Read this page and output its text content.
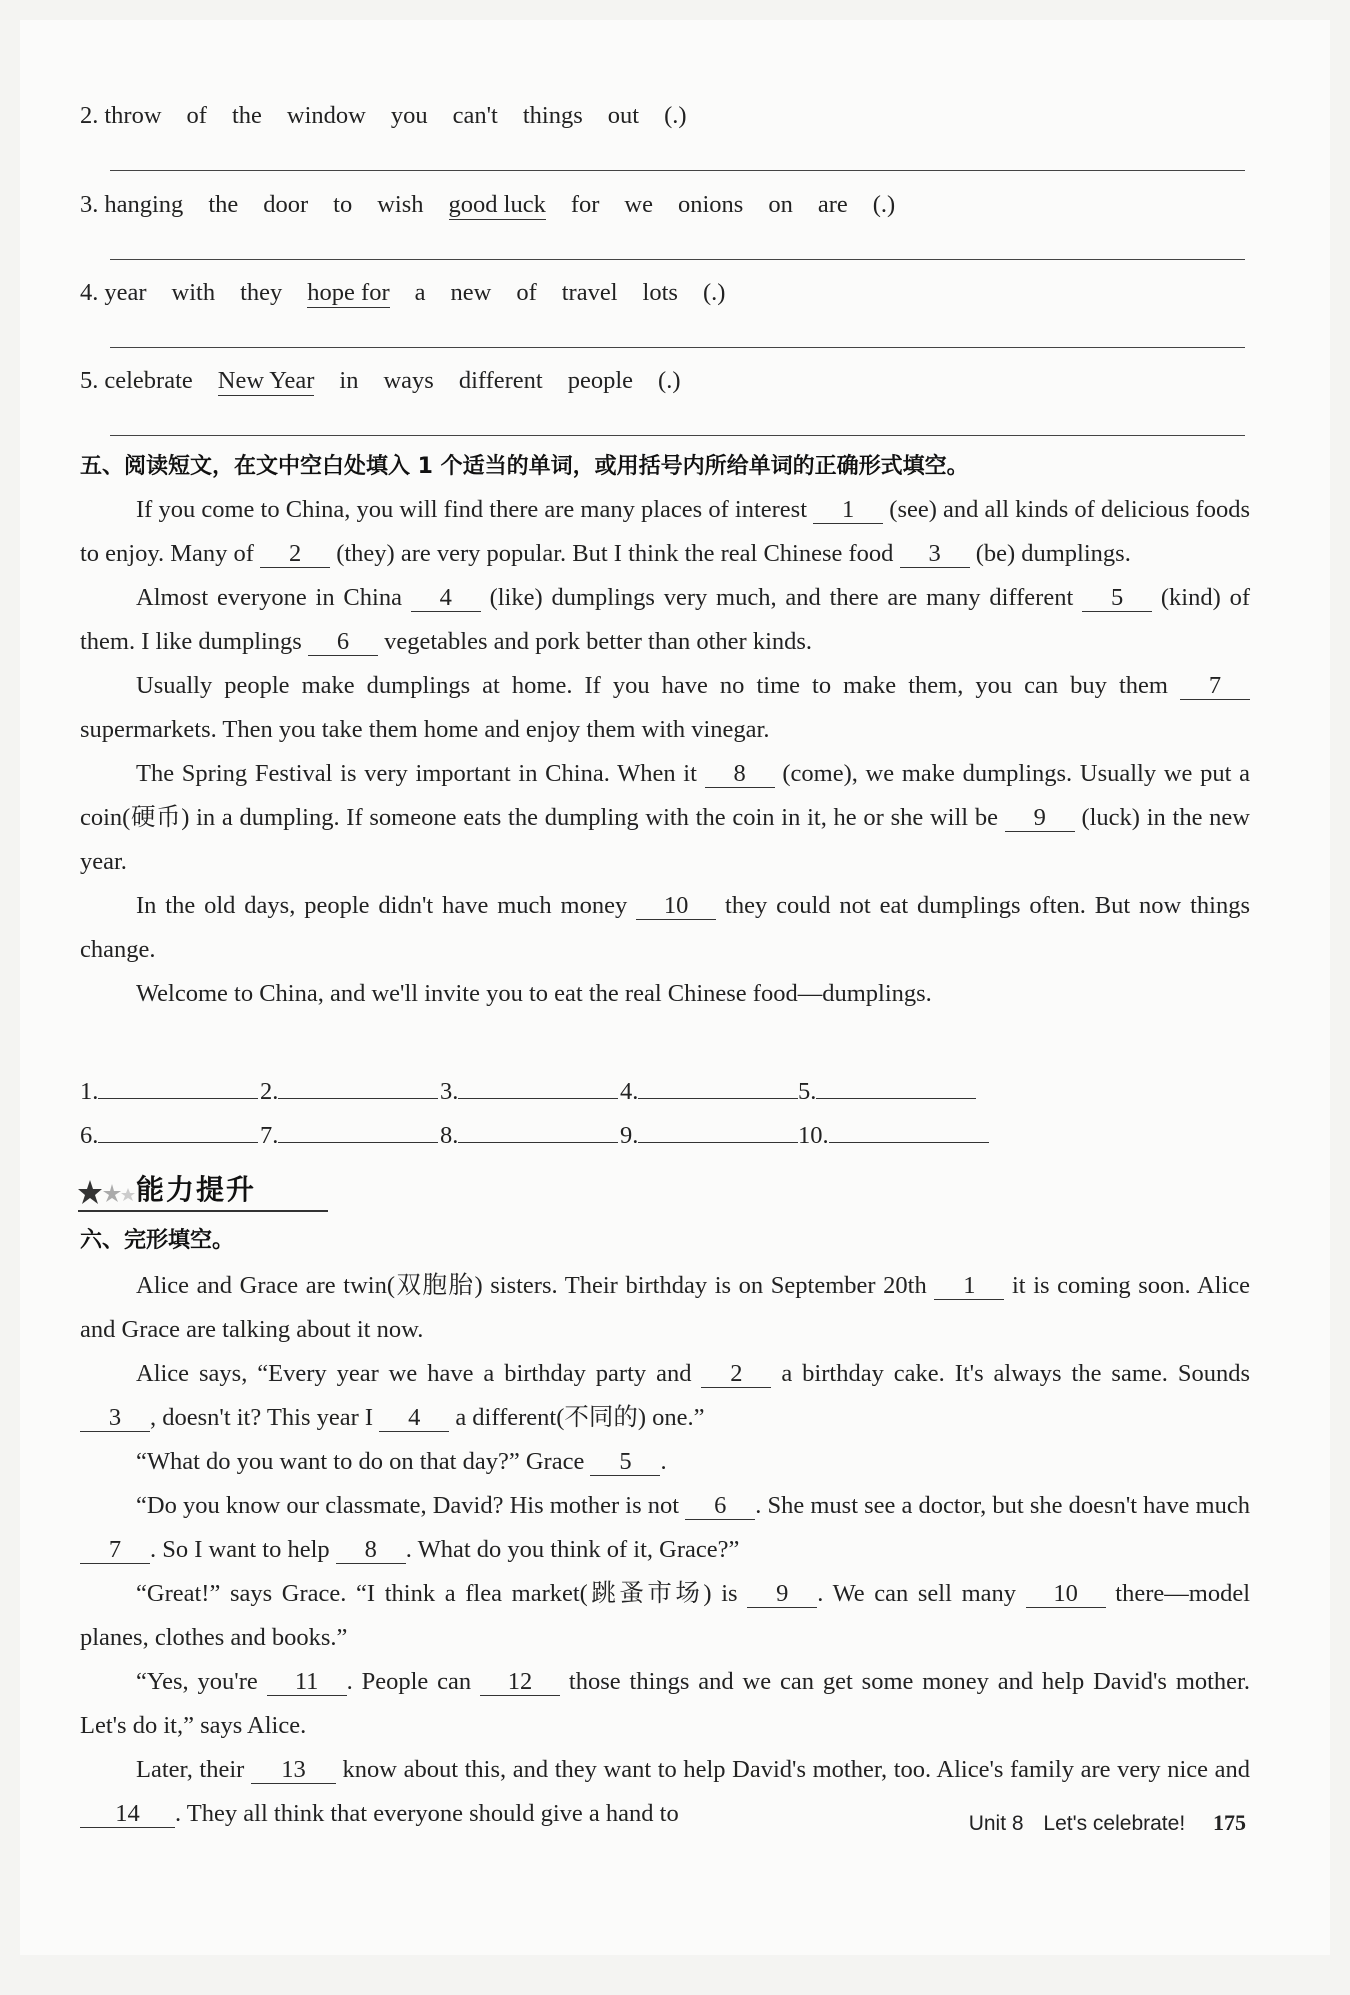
2. throw of the window you can't things out (.)
3. hanging the door to wish good luck for we onions on are (.)
4. year with they hope for a new of travel lots (.)
5. celebrate New Year in ways different people (.)
五、阅读短文，在文中空白处填入 1 个适当的单词，或用括号内所给单词的正确形式填空。

If you come to China, you will find there are many places of interest 1 (see) and all kinds of delicious foods to enjoy. Many of 2 (they) are very popular. But I think the real Chinese food 3 (be) dumplings.

Almost everyone in China 4 (like) dumplings very much, and there are many different 5 (kind) of them. I like dumplings 6 vegetables and pork better than other kinds.

Usually people make dumplings at home. If you have no time to make them, you can buy them 7 supermarkets. Then you take them home and enjoy them with vinegar.

The Spring Festival is very important in China. When it 8 (come), we make dumplings. Usually we put a coin(硬币) in a dumpling. If someone eats the dumpling with the coin in it, he or she will be 9 (luck) in the new year.

In the old days, people didn't have much money 10 they could not eat dumplings often. But now things change.

Welcome to China, and we'll invite you to eat the real Chinese food—dumplings.

1.	2.	3.	4.	5.
6.	7.	8.	9.	10.
能力提升
六、完形填空。

Alice and Grace are twin(双胞胎) sisters. Their birthday is on September 20th 1 it is coming soon. Alice and Grace are talking about it now.

Alice says, “Every year we have a birthday party and 2 a birthday cake. It's always the same. Sounds 3 , doesn't it? This year I 4 a different(不同的) one.”

“What do you want to do on that day?” Grace 5 .

“Do you know our classmate, David? His mother is not 6 . She must see a doctor, but she doesn't have much 7 . So I want to help 8 . What do you think of it, Grace?”

“Great!” says Grace. “I think a flea market(跳蚤市场) is 9 . We can sell many 10 there—model planes, clothes and books.”

“Yes, you're 11 . People can 12 those things and we can get some money and help David's mother. Let's do it,” says Alice.

Later, their 13 know about this, and they want to help David's mother, too. Alice's family are very nice and 14 . They all think that everyone should give a hand to	Unit 8 Let's celebrate! 175
